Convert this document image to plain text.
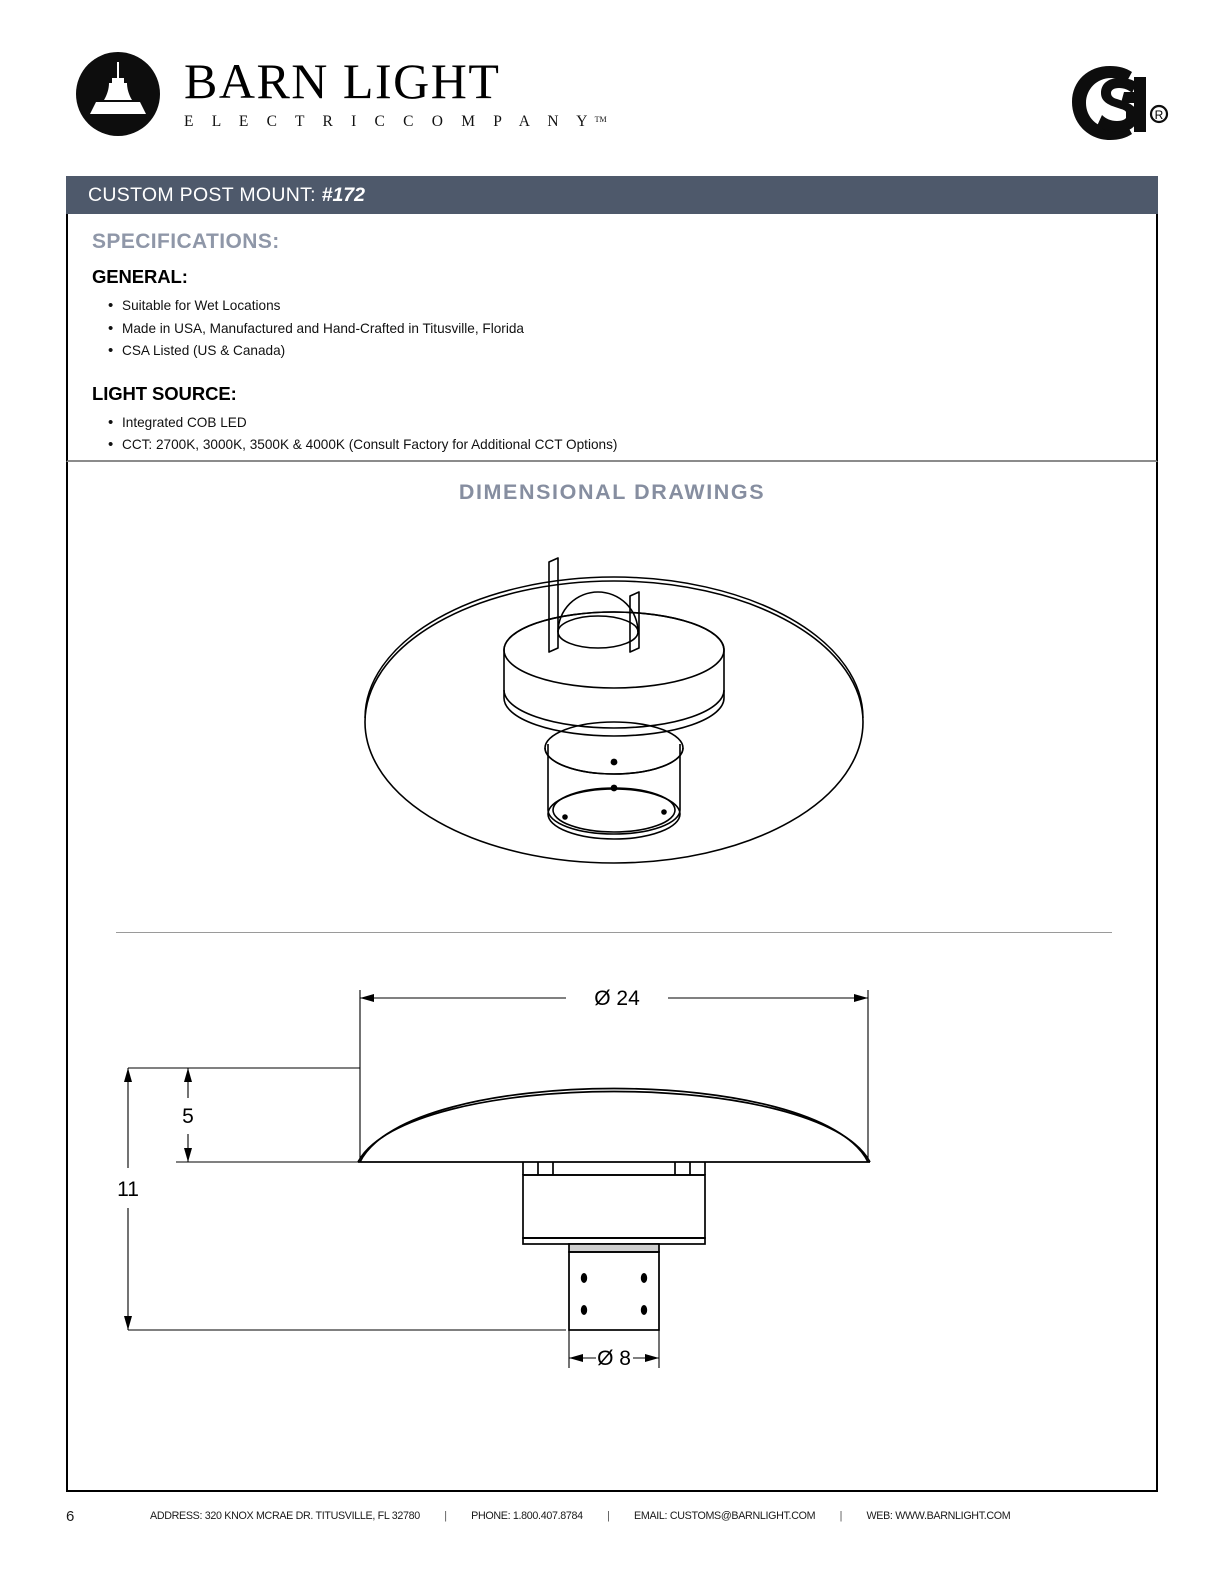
BARN LIGHT
E L E C T R I C C O M P A N Y™	R
CUSTOM POST MOUNT: #172
SPECIFICATIONS:
GENERAL:
• Suitable for Wet Locations
• Made in USA, Manufactured and Hand-Crafted in Titusville, Florida
• CSA Listed (US & Canada)
LIGHT SOURCE:
• Integrated COB LED
• CCT: 2700K, 3000K, 3500K & 4000K (Consult Factory for Additional CCT Options)
DIMENSIONAL DRAWINGS
Ø 24
5
11
Ø 8
6	ADDRESS: 320 KNOX MCRAE DR. TITUSVILLE, FL 32780 | PHONE: 1.800.407.8784 | EMAIL: CUSTOMS@BARNLIGHT.COM | WEB: WWW.BARNLIGHT.COM
